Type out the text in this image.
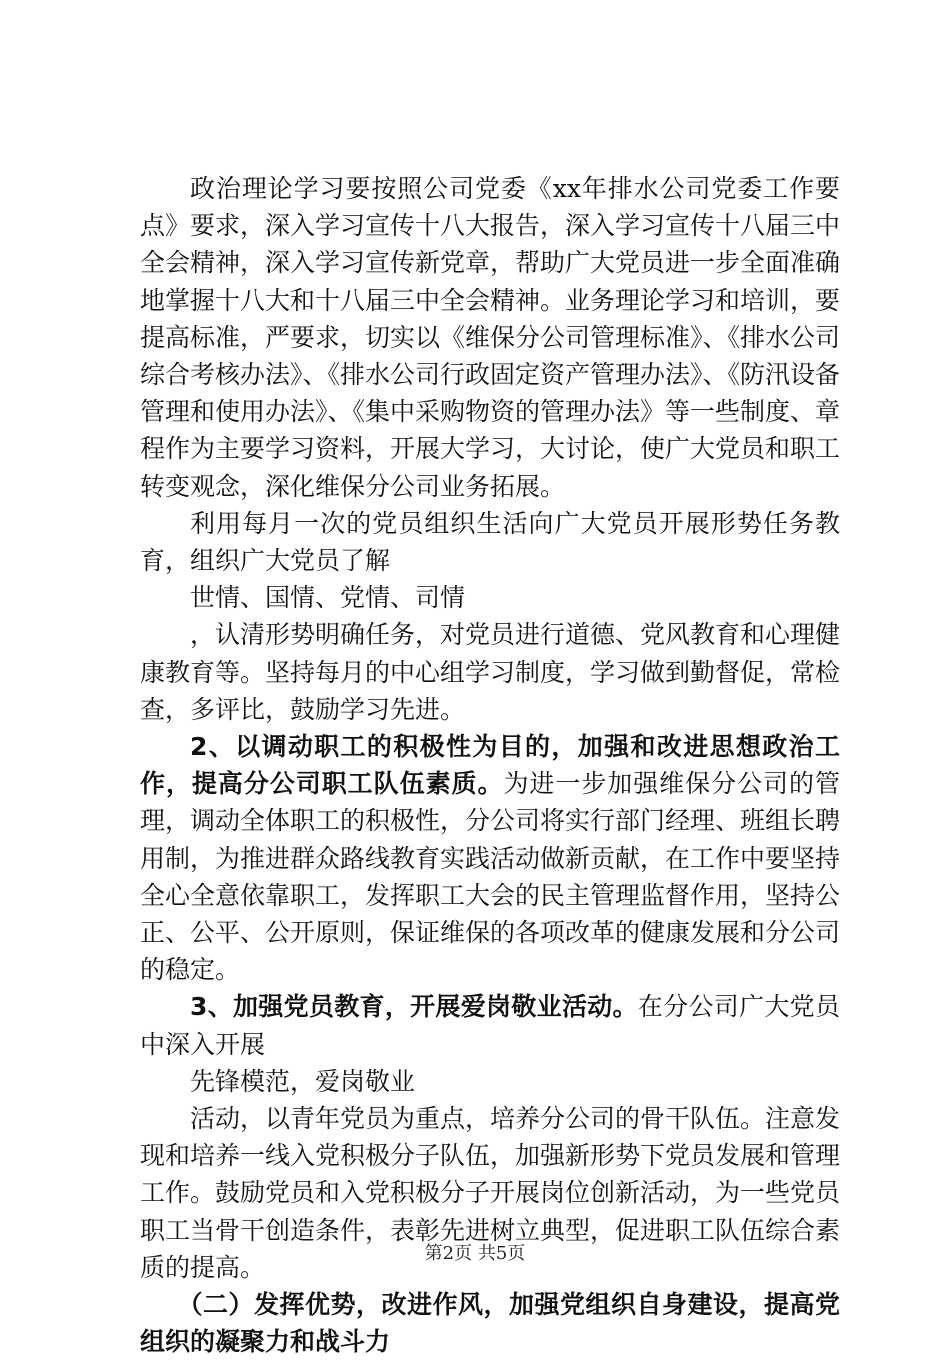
政治理论学习要按照公司党委《xx年排水公司党委工作要点》要求，深入学习宣传十八大报告，深入学习宣传十八届三中全会精神，深入学习宣传新党章，帮助广大党员进一步全面准确地掌握十八大和十八届三中全会精神。业务理论学习和培训，要提高标准，严要求，切实以《维保分公司管理标准》、《排水公司综合考核办法》、《排水公司行政固定资产管理办法》、《防汛设备管理和使用办法》、《集中采购物资的管理办法》等一些制度、章程作为主要学习资料，开展大学习，大讨论，使广大党员和职工转变观念，深化维保分公司业务拓展。

利用每月一次的党员组织生活向广大党员开展形势任务教育，组织广大党员了解

世情、国情、党情、司情

，认清形势明确任务，对党员进行道德、党风教育和心理健康教育等。坚持每月的中心组学习制度，学习做到勤督促，常检查，多评比，鼓励学习先进。

2、以调动职工的积极性为目的，加强和改进思想政治工作，提高分公司职工队伍素质。为进一步加强维保分公司的管理，调动全体职工的积极性，分公司将实行部门经理、班组长聘用制，为推进群众路线教育实践活动做新贡献，在工作中要坚持全心全意依靠职工，发挥职工大会的民主管理监督作用，坚持公正、公平、公开原则，保证维保的各项改革的健康发展和分公司的稳定。

3、加强党员教育，开展爱岗敬业活动。在分公司广大党员中深入开展

先锋模范，爱岗敬业

活动，以青年党员为重点，培养分公司的骨干队伍。注意发现和培养一线入党积极分子队伍，加强新形势下党员发展和管理工作。鼓励党员和入党积极分子开展岗位创新活动，为一些党员职工当骨干创造条件，表彰先进树立典型，促进职工队伍综合素质的提高。

（二）发挥优势，改进作风，加强党组织自身建设，提高党组织的凝聚力和战斗力

第2页 共5页
